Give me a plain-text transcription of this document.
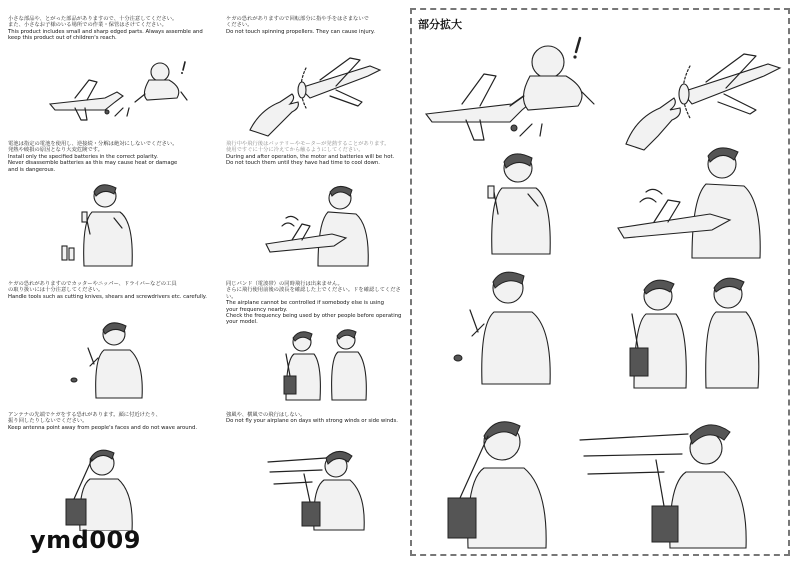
小さな部品や、とがった部品がありますので、十分注意してください。
また、小さなお子様のいる場所での作業・保管はさけてください。
This product includes small and sharp edged parts. Always assemble and
keep this product out of children's reach.
ケガの恐れがありますので回転部分に指や手をはさまないで
ください。
Do not touch spinning propellers. They can cause injury.
電池は指定の電池を使用し、逆接続・分解は絶対にしないでください。
発熱や破損の原因となり大変危険です。
Install only the specified batteries in the correct polarity.
Never disassemble batteries as this may cause heat or damage
and is dangerous.
飛行中や飛行後はバッテリーやモーターが発熱することがあります。
使用ですぐに十分に冷えてから触るようにしてください。
During and after operation, the motor and batteries will be hot.
Do not touch them until they have had time to cool down.
ケガの恐れがありますのでカッターやニッパー、ドライバーなどの工具
の取り扱いには十分注意してください。
Handle tools such as cutting knives, shears and screwdrivers etc. carefully.
同じバンド（電波帯）の同時飛行は出来ません。
さらに飛行使用前後の波長を確認した上でください。ドを確認してください。
The airplane cannot be controlled if somebody else is using
your frequency nearby.
Check the frequency being used by other people before operating
your model.
アンテナの先端でケガをする恐れがあります。顔に付近けたり、
振り回したりしないでください。
Keep antenna point away from people's faces and do not wave around.
強風や、横風での飛行はしない。
Do not fly your airplane on days with strong winds or side winds.
部分拡大
ymd009
